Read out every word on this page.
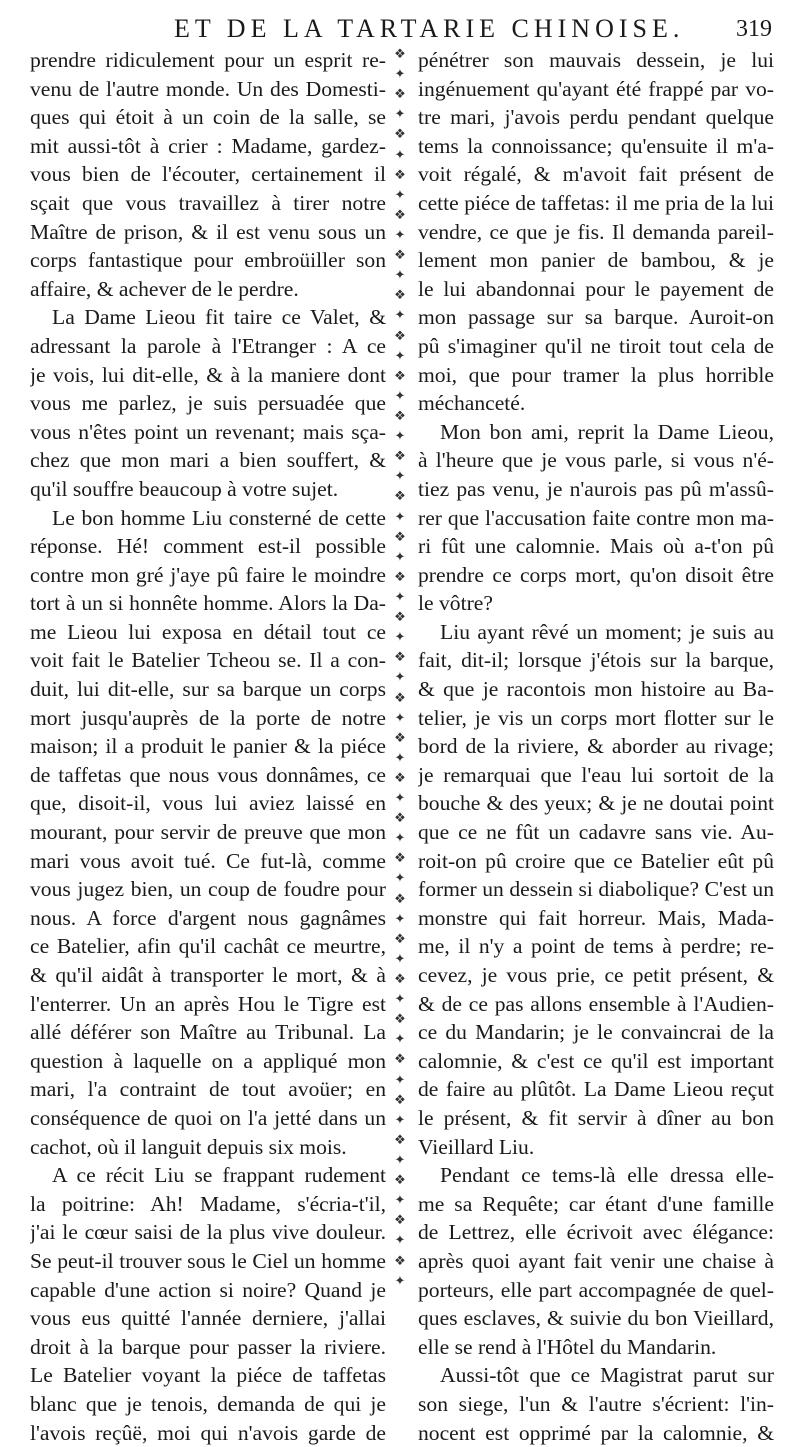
ET DE LA TARTARIE CHINOISE. 319
prendre ridiculement pour un esprit re-
venu de l'autre monde. Un des Domesti-
ques qui étoit à un coin de la salle, se
mit aussi-tôt à crier : Madame, gardez-
vous bien de l'écouter, certainement il
sçait que vous travaillez à tirer notre
Maître de prison, & il est venu sous un
corps fantastique pour embroüiller son
affaire, & achever de le perdre.
La Dame Lieou fit taire ce Valet, &
adressant la parole à l'Etranger : A ce
je vois, lui dit-elle, & à la maniere dont
vous me parlez, je suis persuadée que
vous n'êtes point un revenant; mais sça-
chez que mon mari a bien souffert, &
qu'il souffre beaucoup à votre sujet.
Le bon homme Liu consterné de cette
réponse. Hé! comment est-il possible
contre mon gré j'aye pû faire le moindre
tort à un si honnête homme. Alors la Da-
me Lieou lui exposa en détail tout ce
voit fait le Batelier Tcheou se. Il a con-
duit, lui dit-elle, sur sa barque un corps
mort jusqu'auprès de la porte de notre
maison; il a produit le panier & la piéce
de taffetas que nous vous donnâmes, ce
que, disoit-il, vous lui aviez laissé en
mourant, pour servir de preuve que mon
mari vous avoit tué. Ce fut-là, comme
vous jugez bien, un coup de foudre pour
nous. A force d'argent nous gagnâmes
ce Batelier, afin qu'il cachât ce meurtre,
& qu'il aidât à transporter le mort, & à
l'enterrer. Un an après Hou le Tigre est
allé déférer son Maître au Tribunal. La
question à laquelle on a appliqué mon
mari, l'a contraint de tout avoüer; en
conséquence de quoi on l'a jetté dans un
cachot, où il languit depuis six mois.
A ce récit Liu se frappant rudement
la poitrine: Ah! Madame, s'écria-t'il,
j'ai le cœur saisi de la plus vive douleur.
Se peut-il trouver sous le Ciel un homme
capable d'une action si noire? Quand je
vous eus quitté l'année derniere, j'allai
droit à la barque pour passer la riviere.
Le Batelier voyant la piéce de taffetas
blanc que je tenois, demanda de qui je
l'avois reçûë, moi qui n'avois garde de
❖
✦
❖
✦
❖
✦
❖
✦
❖
✦
❖
✦
❖
✦
❖
✦
❖
✦
❖
✦
❖
✦
❖
✦
❖
✦
❖
✦
❖
✦
❖
✦
❖
✦
❖
✦
❖
✦
❖
✦
❖
✦
❖
✦
❖
✦
❖
✦
❖
✦
❖
✦
❖
✦
❖
✦
❖
✦
❖
✦
❖
✦
pénétrer son mauvais dessein, je lui
ingénuement qu'ayant été frappé par vo-
tre mari, j'avois perdu pendant quelque
tems la connoissance; qu'ensuite il m'a-
voit régalé, & m'avoit fait présent de
cette piéce de taffetas: il me pria de la lui
vendre, ce que je fis. Il demanda pareil-
lement mon panier de bambou, & je
le lui abandonnai pour le payement de
mon passage sur sa barque. Auroit-on
pû s'imaginer qu'il ne tiroit tout cela de
moi, que pour tramer la plus horrible
méchanceté.
Mon bon ami, reprit la Dame Lieou,
à l'heure que je vous parle, si vous n'é-
tiez pas venu, je n'aurois pas pû m'assû-
rer que l'accusation faite contre mon ma-
ri fût une calomnie. Mais où a-t'on pû
prendre ce corps mort, qu'on disoit être
le vôtre?
Liu ayant rêvé un moment; je suis au
fait, dit-il; lorsque j'étois sur la barque,
& que je racontois mon histoire au Ba-
telier, je vis un corps mort flotter sur le
bord de la riviere, & aborder au rivage;
je remarquai que l'eau lui sortoit de la
bouche & des yeux; & je ne doutai point
que ce ne fût un cadavre sans vie. Au-
roit-on pû croire que ce Batelier eût pû
former un dessein si diabolique? C'est un
monstre qui fait horreur. Mais, Mada-
me, il n'y a point de tems à perdre; re-
cevez, je vous prie, ce petit présent, &
& de ce pas allons ensemble à l'Audien-
ce du Mandarin; je le convaincrai de la
calomnie, & c'est ce qu'il est important
de faire au plûtôt. La Dame Lieou reçut
le présent, & fit servir à dîner au bon
Vieillard Liu.
Pendant ce tems-là elle dressa elle-
me sa Requête; car étant d'une famille
de Lettrez, elle écrivoit avec élégance:
après quoi ayant fait venir une chaise à
porteurs, elle part accompagnée de quel-
ques esclaves, & suivie du bon Vieillard,
elle se rend à l'Hôtel du Mandarin.
Aussi-tôt que ce Magistrat parut sur
son siege, l'un & l'autre s'écrient: l'in-
nocent est opprimé par la calomnie, &
